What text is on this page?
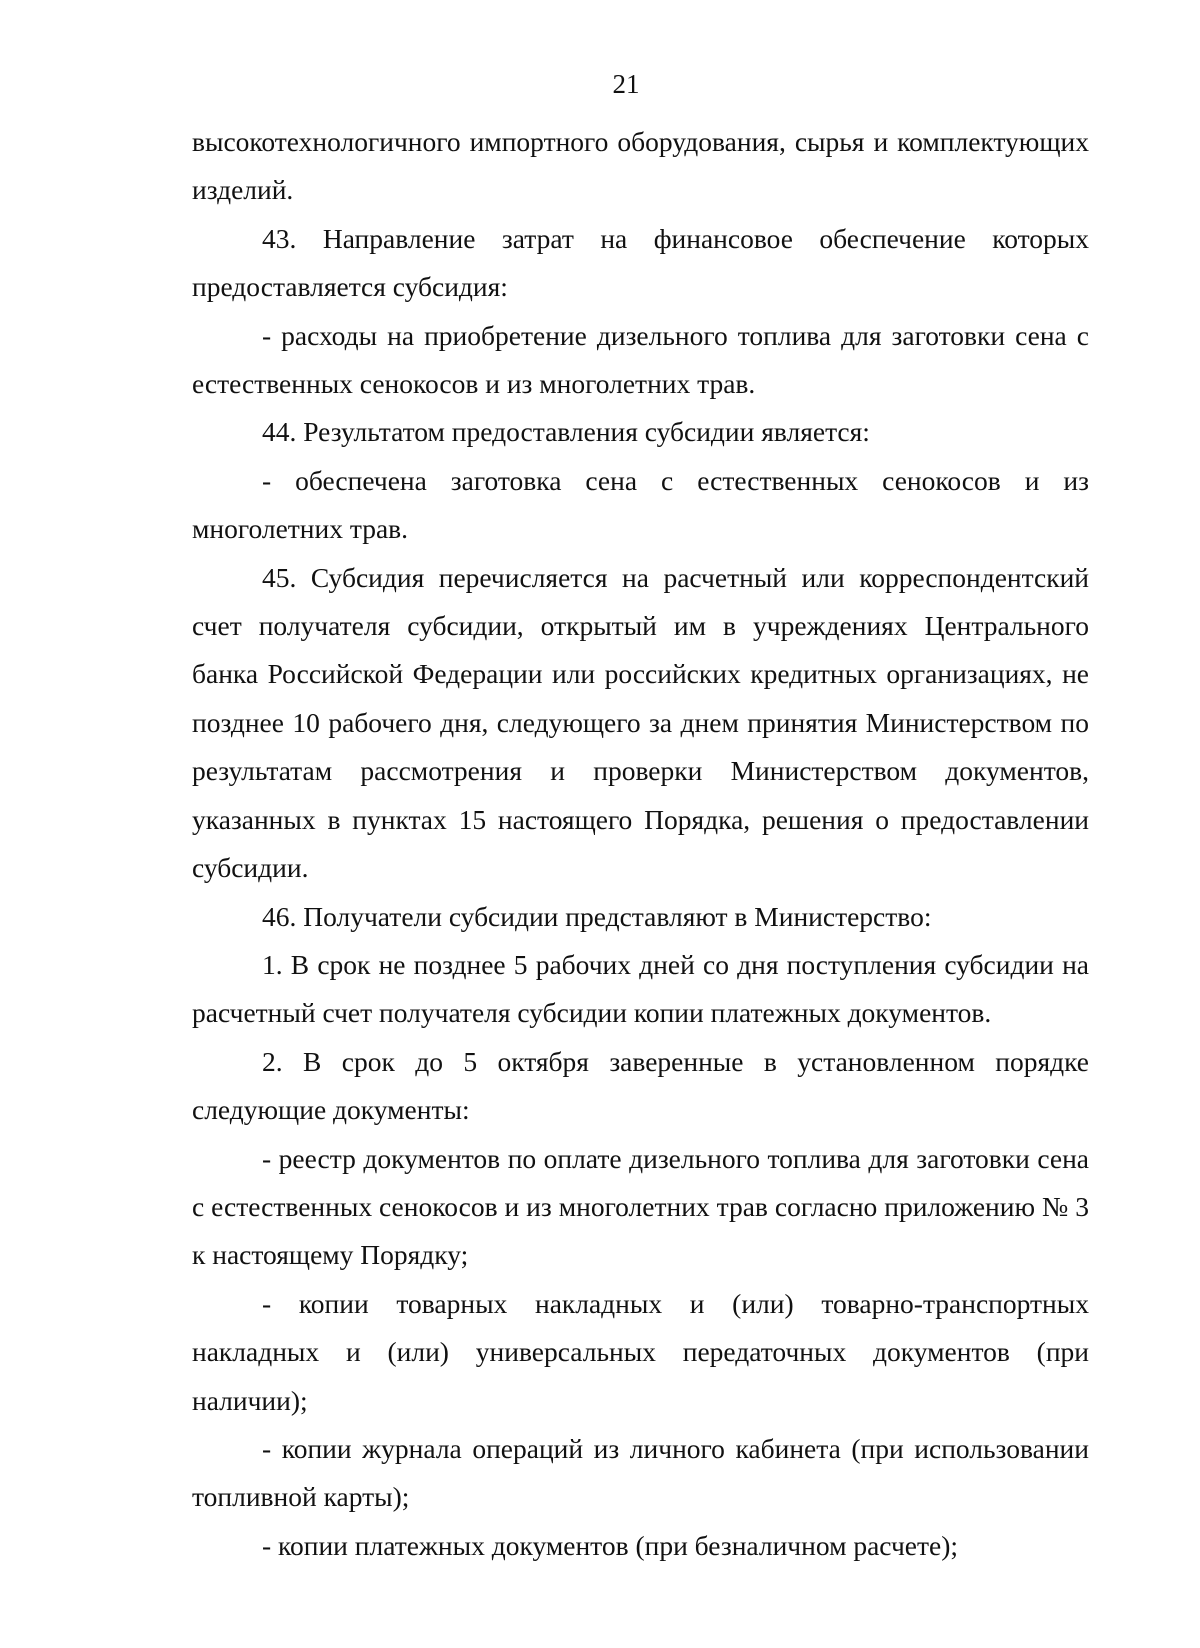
21

высокотехнологичного импортного оборудования, сырья и комплектующих изделий.

43. Направление затрат на финансовое обеспечение которых предоставляется субсидия:

- расходы на приобретение дизельного топлива для заготовки сена с естественных сенокосов и из многолетних трав.

44. Результатом предоставления субсидии является:

- обеспечена заготовка сена с естественных сенокосов и из многолетних трав.

45. Субсидия перечисляется на расчетный или корреспондентский счет получателя субсидии, открытый им в учреждениях Центрального банка Российской Федерации или российских кредитных организациях, не позднее 10 рабочего дня, следующего за днем принятия Министерством по результатам рассмотрения и проверки Министерством документов, указанных в пунктах 15 настоящего Порядка, решения о предоставлении субсидии.

46. Получатели субсидии представляют в Министерство:

1. В срок не позднее 5 рабочих дней со дня поступления субсидии на расчетный счет получателя субсидии копии платежных документов.

2. В срок до 5 октября заверенные в установленном порядке следующие документы:

- реестр документов по оплате дизельного топлива для заготовки сена с естественных сенокосов и из многолетних трав согласно приложению № 3 к настоящему Порядку;

- копии товарных накладных и (или) товарно-транспортных накладных и (или) универсальных передаточных документов (при наличии);

- копии журнала операций из личного кабинета (при использовании топливной карты);

- копии платежных документов (при безналичном расчете);
